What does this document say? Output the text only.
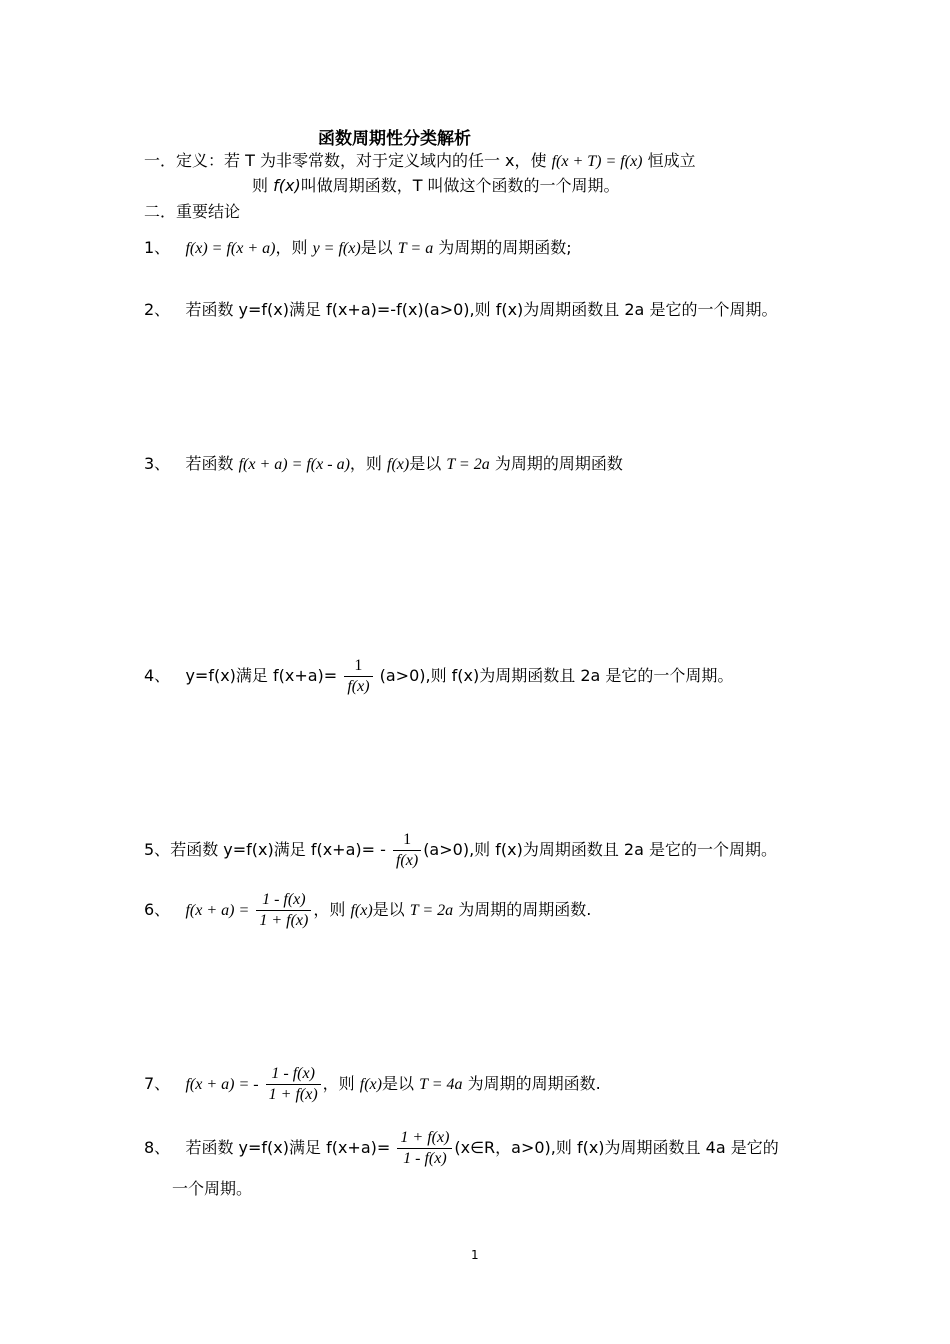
函数周期性分类解析
一．定义：若 T 为非零常数，对于定义域内的任一 x，使 f(x + T) = f(x) 恒成立
则 f(x)叫做周期函数，T 叫做这个函数的一个周期。
二．重要结论
1、 f(x) = f(x + a)，则 y = f(x)是以 T = a 为周期的周期函数;
2、 若函数 y=f(x)满足 f(x+a)=-f(x)(a>0),则 f(x)为周期函数且 2a 是它的一个周期。
3、 若函数 f(x + a) = f(x - a)，则 f(x)是以 T = 2a 为周期的周期函数
4、 y=f(x)满足 $f(x+a)= \frac{1}{f(x)} (a>0)$,则 f(x)为周期函数且 2a 是它的一个周期。
5、若函数 y=f(x)满足 $f(x+a)= - \frac{1}{f(x)} (a>0)$,则 f(x)为周期函数且 2a 是它的一个周期。
6、 $f(x + a) = \frac{1 - f(x)}{1 + f(x)}$ ，则 f(x)是以 T = 2a 为周期的周期函数.
7、 f(x + a) = - $\frac{1 - f(x)}{1 + f(x)}$ ，则 f(x)是以 T = 4a 为周期的周期函数.
8、 若函数 y=f(x)满足 $f(x+a)= \frac{1 + f(x)}{1 - f(x)}$ (x∈R，a>0),则 f(x)为周期函数且 4a 是它的
一个周期。
1
